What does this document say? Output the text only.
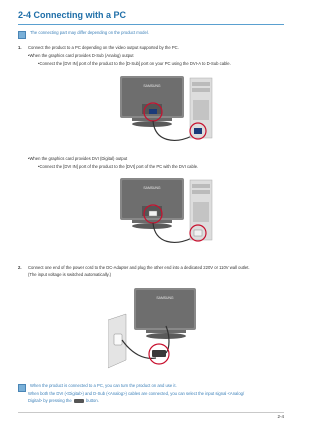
2-4 Connecting with a PC
The connecting part may differ depending on the product model.
1. Connect the product to a PC depending on the video output supported by the PC.
•When the graphics card provides D-Sub (Analog) output
•Connect the [DVI IN] port of the product to the [D-Sub] port on your PC using the DVI-A to D-Sub cable.
SAMSUNG
•When the graphics card provides DVI (Digital) output
•Connect the [DVI IN] port of the product to the [DVI] port of the PC with the DVI cable.
SAMSUNG
2. Connect one end of the power cord to the DC-Adapter and plug the other end into a dedicated 220V or 110V wall outlet.
(The input voltage is switched automatically.)
SAMSUNG
When the product is connected to a PC, you can turn the product on and use it.
When both the DVI (<Digital>) and D-Sub (<Analog>) cables are connected, you can select the input signal <Analog/
Digital> by pressing the	button.
2-4
